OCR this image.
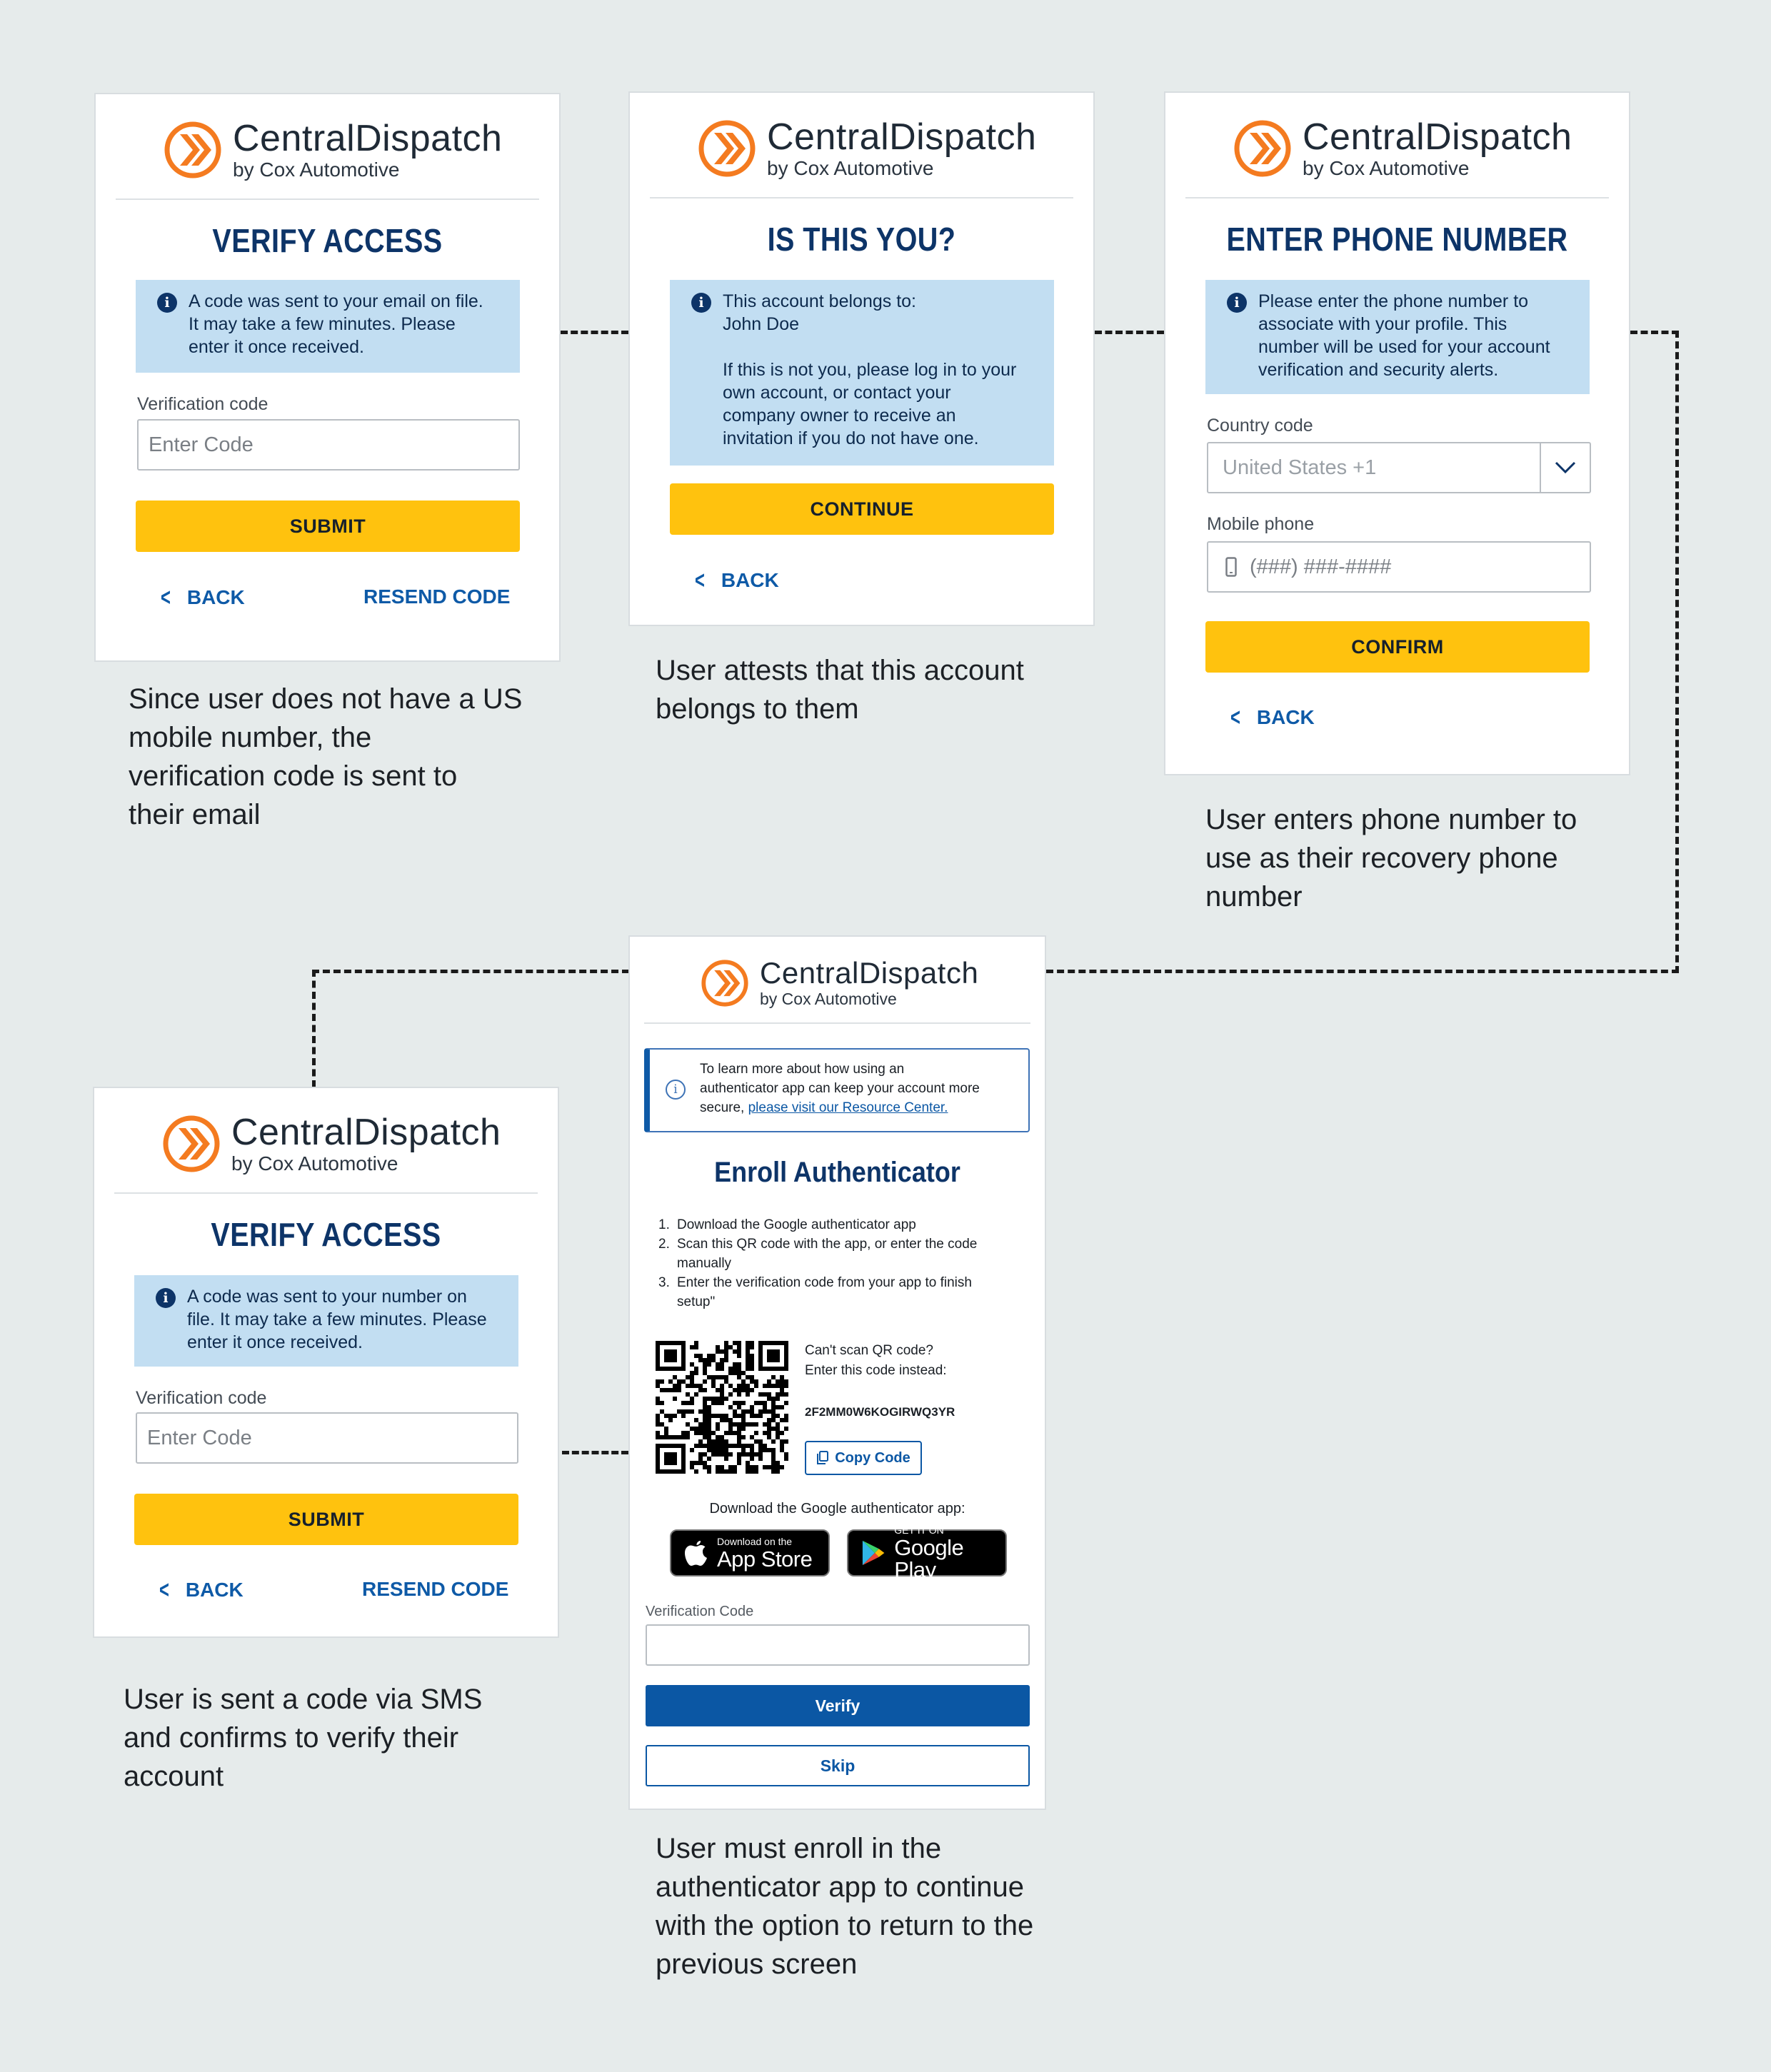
CentralDispatch
by Cox Automotive
VERIFY ACCESS
i	A code was sent to your email on file.
It may take a few minutes. Please
enter it once received.
Verification code
Enter Code
SUBMIT
< BACK	RESEND CODE
Since user does not have a US
mobile number, the
verification code is sent to
their email
CentralDispatch
by Cox Automotive
IS THIS YOU?
i	This account belongs to:
John Doe

If this is not you, please log in to your
own account, or contact your
company owner to receive an
invitation if you do not have one.
CONTINUE
< BACK
User attests that this account
belongs to them
CentralDispatch
by Cox Automotive
ENTER PHONE NUMBER
i	Please enter the phone number to
associate with your profile. This
number will be used for your account
verification and security alerts.
Country code
United States +1
Mobile phone
(###) ###-####
CONFIRM
< BACK
User enters phone number to
use as their recovery phone
number
CentralDispatch
by Cox Automotive
VERIFY ACCESS
i	A code was sent to your number on
file. It may take a few minutes. Please
enter it once received.
Verification code
Enter Code
SUBMIT
< BACK	RESEND CODE
User is sent a code via SMS
and confirms to verify their
account
CentralDispatch
by Cox Automotive
i
To learn more about how using an
authenticator app can keep your account more
secure, please visit our Resource Center.
Enroll Authenticator
1. Download the Google authenticator app
2. Scan this QR code with the app, or enter the code
manually
3. Enter the verification code from your app to finish
setup"
Can't scan QR code?
Enter this code instead:
2F2MM0W6KOGIRWQ3YR
Copy Code
Download the Google authenticator app:
Download on the
App Store
GET IT ON
Google Play
Verification Code
Verify
Skip
User must enroll in the
authenticator app to continue
with the option to return to the
previous screen
